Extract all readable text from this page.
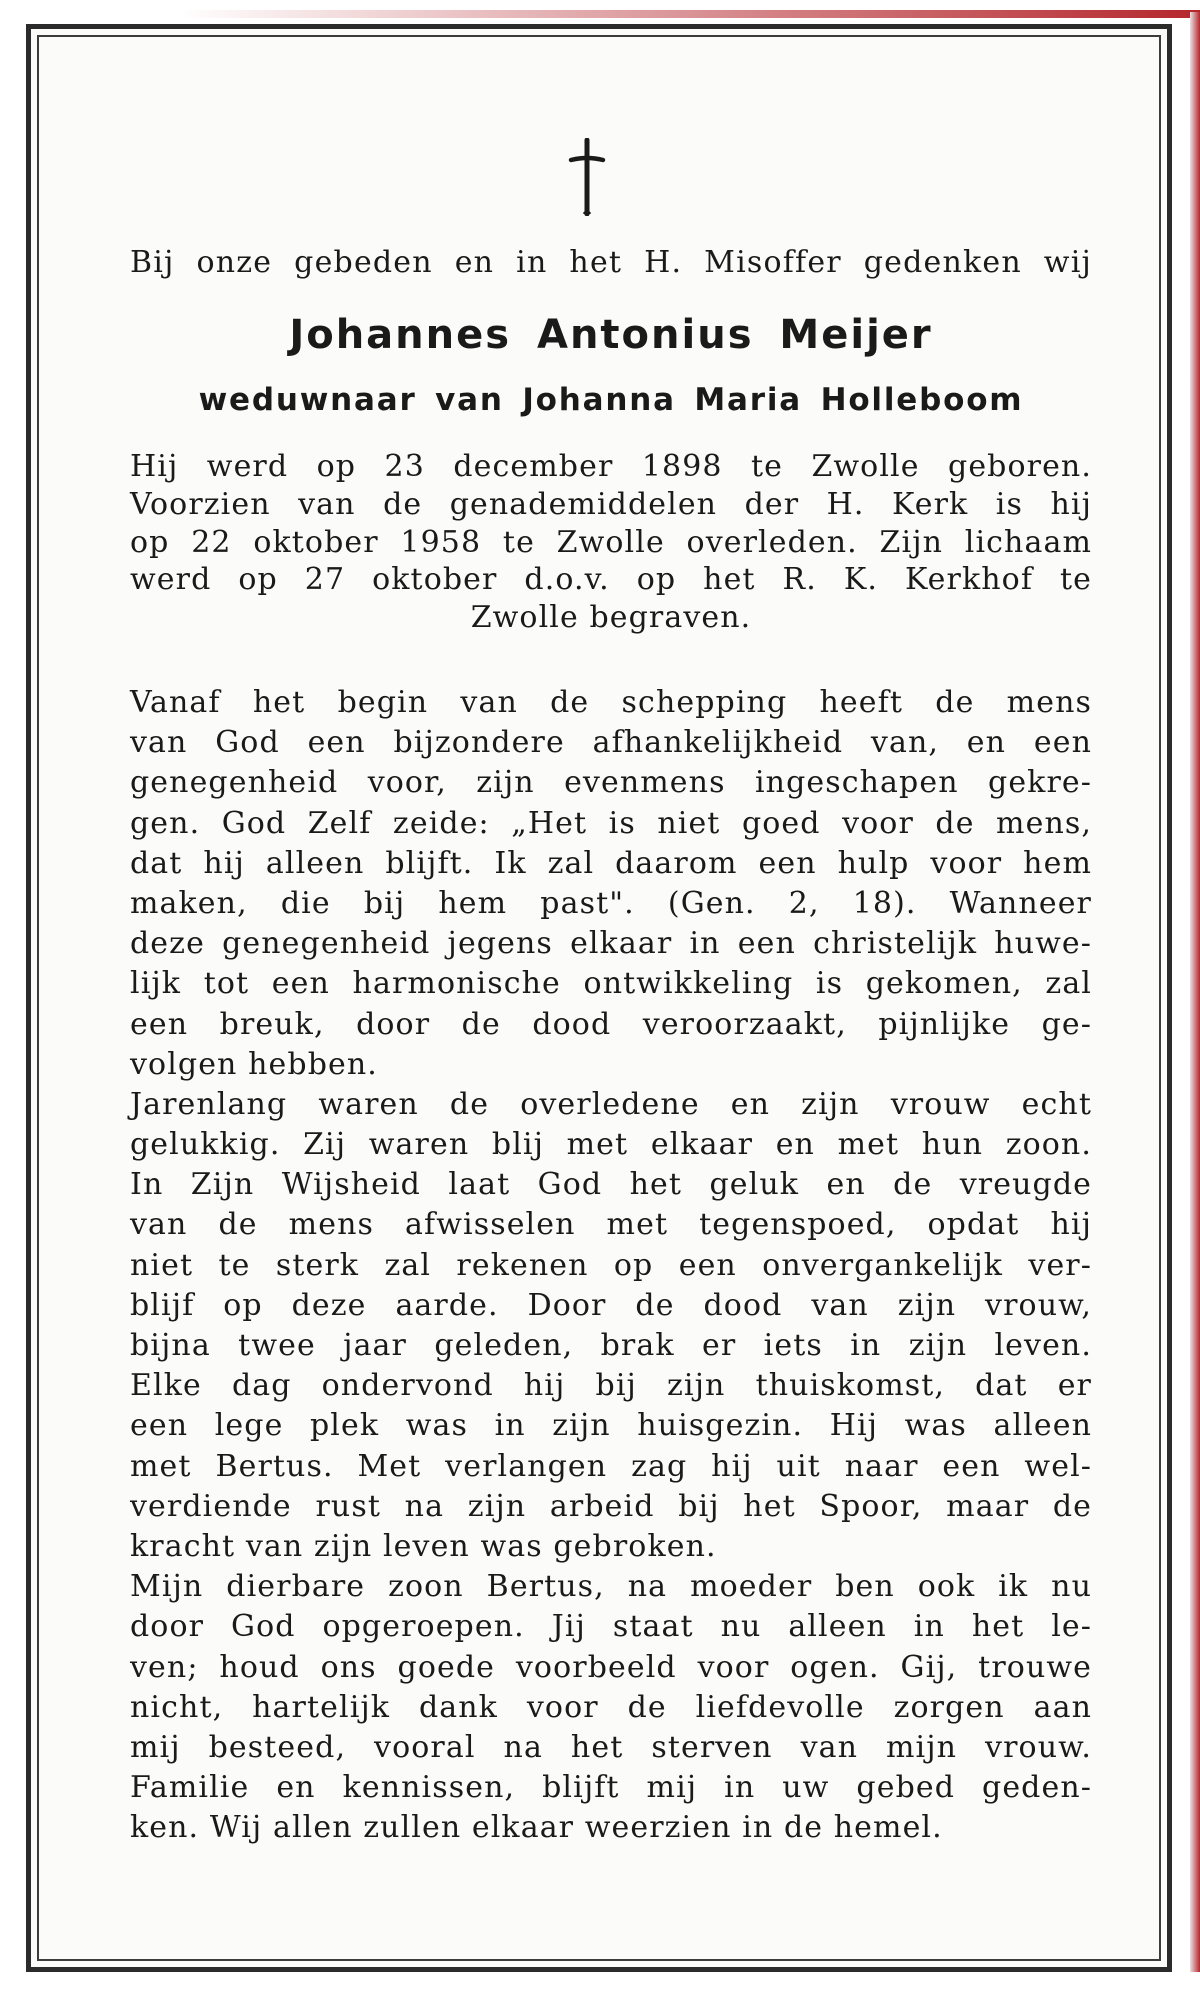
Bij onze gebeden en in het H. Misoffer gedenken wij
Johannes Antonius Meijer
weduwnaar van Johanna Maria Holleboom
Hij werd op 23 december 1898 te Zwolle geboren.
Voorzien van de genademiddelen der H. Kerk is hij
op 22 oktober 1958 te Zwolle overleden. Zijn lichaam
werd op 27 oktober d.o.v. op het R. K. Kerkhof te
Zwolle begraven.
Vanaf het begin van de schepping heeft de mens
van God een bijzondere afhankelijkheid van, en een
genegenheid voor, zijn evenmens ingeschapen gekre-
gen. God Zelf zeide: „Het is niet goed voor de mens,
dat hij alleen blijft. Ik zal daarom een hulp voor hem
maken, die bij hem past". (Gen. 2, 18). Wanneer
deze genegenheid jegens elkaar in een christelijk huwe-
lijk tot een harmonische ontwikkeling is gekomen, zal
een breuk, door de dood veroorzaakt, pijnlijke ge-
volgen hebben.
Jarenlang waren de overledene en zijn vrouw echt
gelukkig. Zij waren blij met elkaar en met hun zoon.
In Zijn Wijsheid laat God het geluk en de vreugde
van de mens afwisselen met tegenspoed, opdat hij
niet te sterk zal rekenen op een onvergankelijk ver-
blijf op deze aarde. Door de dood van zijn vrouw,
bijna twee jaar geleden, brak er iets in zijn leven.
Elke dag ondervond hij bij zijn thuiskomst, dat er
een lege plek was in zijn huisgezin. Hij was alleen
met Bertus. Met verlangen zag hij uit naar een wel-
verdiende rust na zijn arbeid bij het Spoor, maar de
kracht van zijn leven was gebroken.
Mijn dierbare zoon Bertus, na moeder ben ook ik nu
door God opgeroepen. Jij staat nu alleen in het le-
ven; houd ons goede voorbeeld voor ogen. Gij, trouwe
nicht, hartelijk dank voor de liefdevolle zorgen aan
mij besteed, vooral na het sterven van mijn vrouw.
Familie en kennissen, blijft mij in uw gebed geden-
ken. Wij allen zullen elkaar weerzien in de hemel.
